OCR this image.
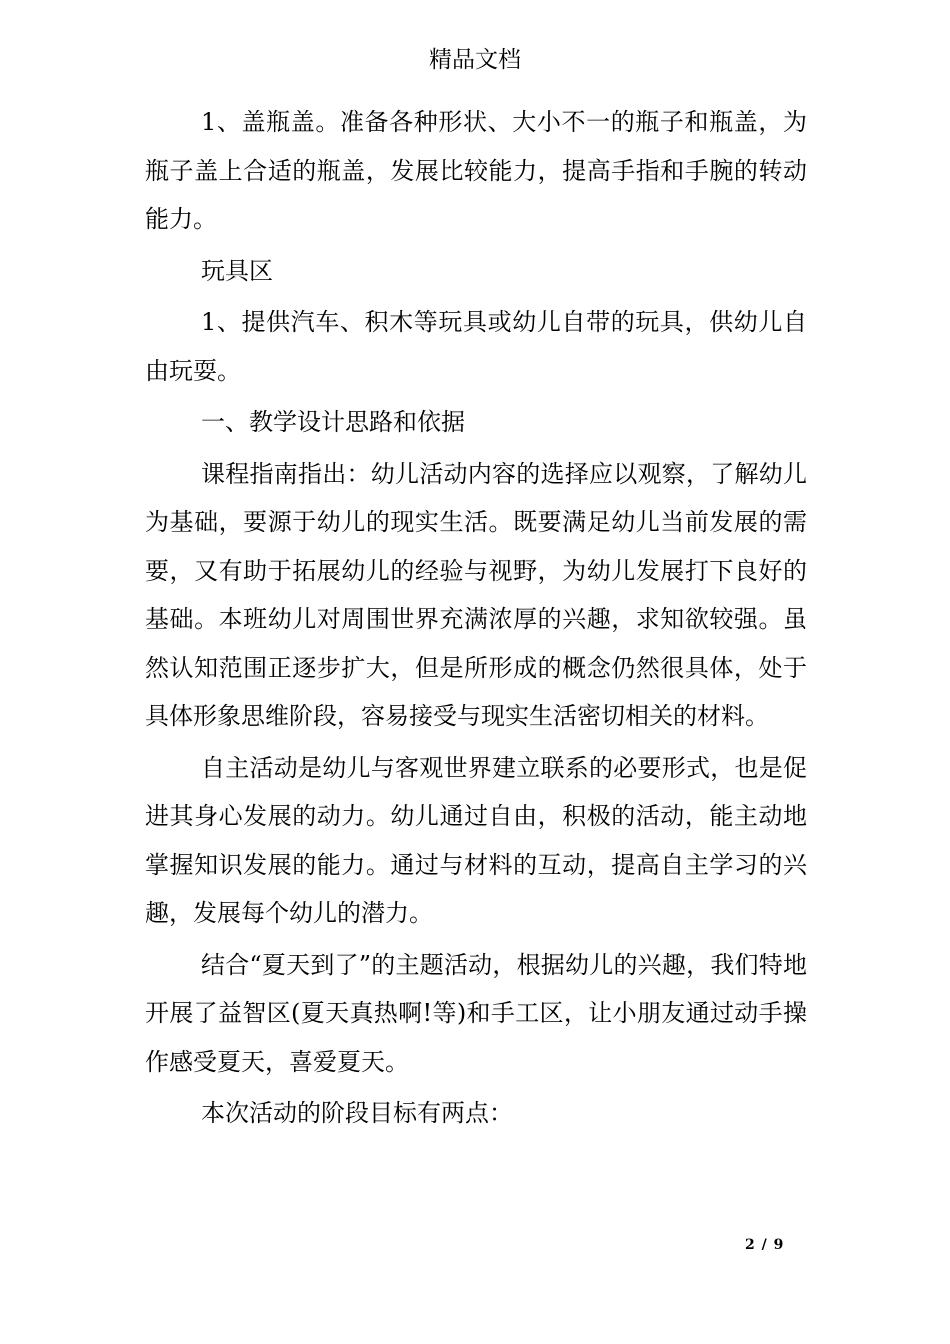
精品文档

1、盖瓶盖。准备各种形状、大小不一的瓶子和瓶盖，为瓶子盖上合适的瓶盖，发展比较能力，提高手指和手腕的转动能力。

玩具区

1、提供汽车、积木等玩具或幼儿自带的玩具，供幼儿自由玩耍。

一、教学设计思路和依据

课程指南指出：幼儿活动内容的选择应以观察，了解幼儿为基础，要源于幼儿的现实生活。既要满足幼儿当前发展的需要，又有助于拓展幼儿的经验与视野，为幼儿发展打下良好的基础。本班幼儿对周围世界充满浓厚的兴趣，求知欲较强。虽然认知范围正逐步扩大，但是所形成的概念仍然很具体，处于具体形象思维阶段，容易接受与现实生活密切相关的材料。

自主活动是幼儿与客观世界建立联系的必要形式，也是促进其身心发展的动力。幼儿通过自由，积极的活动，能主动地掌握知识发展的能力。通过与材料的互动，提高自主学习的兴趣，发展每个幼儿的潜力。

结合“夏天到了”的主题活动，根据幼儿的兴趣，我们特地开展了益智区(夏天真热啊!等)和手工区，让小朋友通过动手操作感受夏天，喜爱夏天。

本次活动的阶段目标有两点：

2 / 9
